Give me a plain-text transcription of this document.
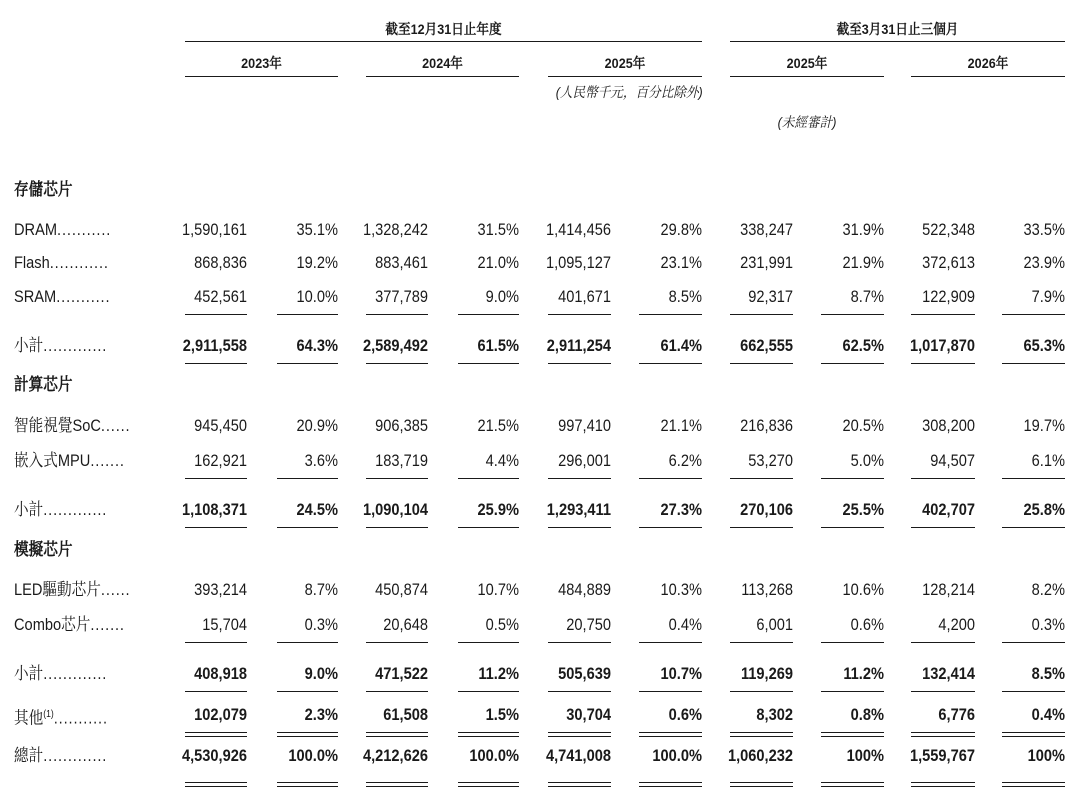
截至12月31日止年度	截至3月31日止三個月
2023年	2024年	2025年	2025年	2026年
(人民幣千元，百分比除外)
(未經審計)
存儲芯片
DRAM...........	1,590,161	35.1%	1,328,242	31.5%	1,414,456	29.8%	338,247	31.9%	522,348	33.5%
Flash............	868,836	19.2%	883,461	21.0%	1,095,127	23.1%	231,991	21.9%	372,613	23.9%
SRAM...........	452,561	10.0%	377,789	9.0%	401,671	8.5%	92,317	8.7%	122,909	7.9%
小計.............	2,911,558	64.3%	2,589,492	61.5%	2,911,254	61.4%	662,555	62.5%	1,017,870	65.3%
計算芯片
智能視覺SoC......	945,450	20.9%	906,385	21.5%	997,410	21.1%	216,836	20.5%	308,200	19.7%
嵌入式MPU.......	162,921	3.6%	183,719	4.4%	296,001	6.2%	53,270	5.0%	94,507	6.1%
小計.............	1,108,371	24.5%	1,090,104	25.9%	1,293,411	27.3%	270,106	25.5%	402,707	25.8%
模擬芯片
LED驅動芯片......	393,214	8.7%	450,874	10.7%	484,889	10.3%	113,268	10.6%	128,214	8.2%
Combo芯片.......	15,704	0.3%	20,648	0.5%	20,750	0.4%	6,001	0.6%	4,200	0.3%
小計.............	408,918	9.0%	471,522	11.2%	505,639	10.7%	119,269	11.2%	132,414	8.5%
其他$^{(1)}$...........	102,079	2.3%	61,508	1.5%	30,704	0.6%	8,302	0.8%	6,776	0.4%
總計.............	4,530,926	100.0%	4,212,626	100.0%	4,741,008	100.0%	1,060,232	100%	1,559,767	100%
